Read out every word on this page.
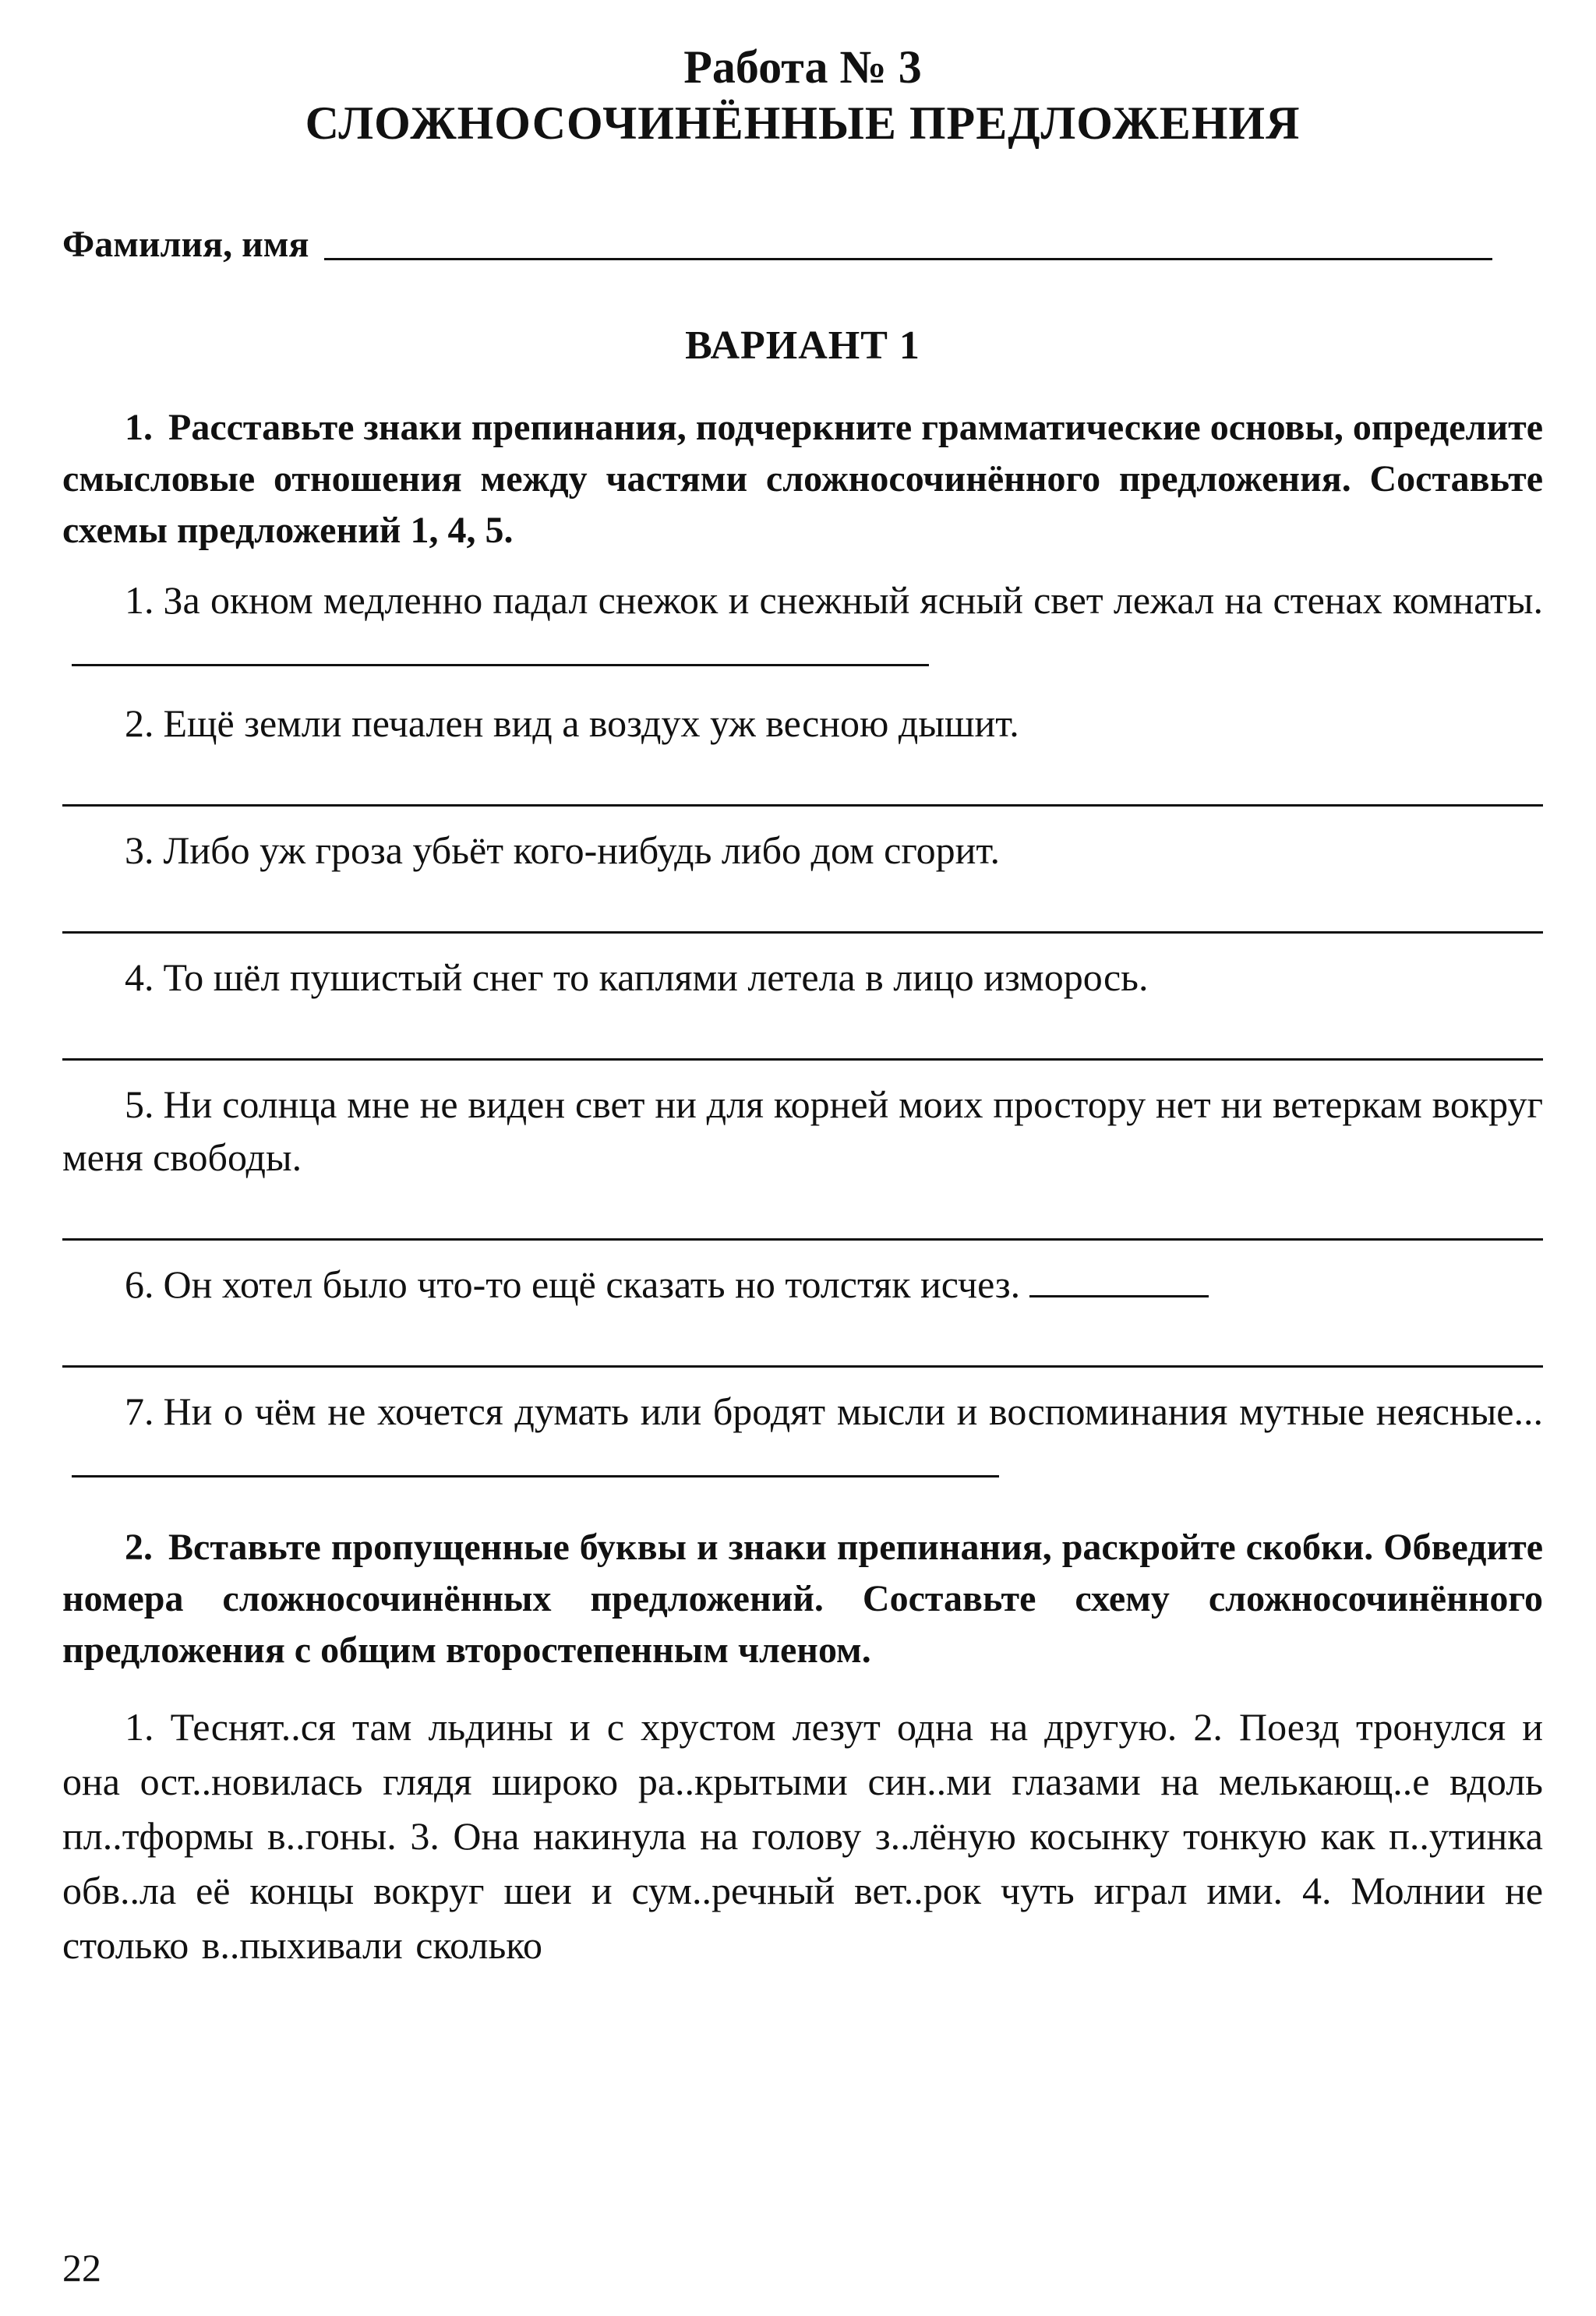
Работа № 3
СЛОЖНОСОЧИНЁННЫЕ ПРЕДЛОЖЕНИЯ
Фамилия, имя
ВАРИАНТ 1
1. Расставьте знаки препинания, подчеркните грамматические основы, определите смысловые отношения между частями сложносочинённого предложения. Составьте схемы предложений 1, 4, 5.
1. За окном медленно падал снежок и снежный ясный свет лежал на стенах комнаты.
2. Ещё земли печален вид а воздух уж весною дышит.
3. Либо уж гроза убьёт кого-нибудь либо дом сгорит.
4. То шёл пушистый снег то каплями летела в лицо изморось.
5. Ни солнца мне не виден свет ни для корней моих простору нет ни ветеркам вокруг меня свободы.
6. Он хотел было что-то ещё сказать но толстяк исчез.
7. Ни о чём не хочется думать или бродят мысли и воспоминания мутные неясные...
2. Вставьте пропущенные буквы и знаки препинания, раскройте скобки. Обведите номера сложносочинённых предложений. Составьте схему сложносочинённого предложения с общим второстепенным членом.
1. Теснят..ся там льдины и с хрустом лезут одна на другую. 2. Поезд тронулся и она ост..новилась глядя широко ра..крытыми син..ми глазами на мелькающ..е вдоль пл..тформы в..гоны. 3. Она накинула на голову з..лёную косынку тонкую как п..утинка обв..ла её концы вокруг шеи и сум..речный вет..рок чуть играл ими. 4. Молнии не столько в..пыхивали сколько
22
